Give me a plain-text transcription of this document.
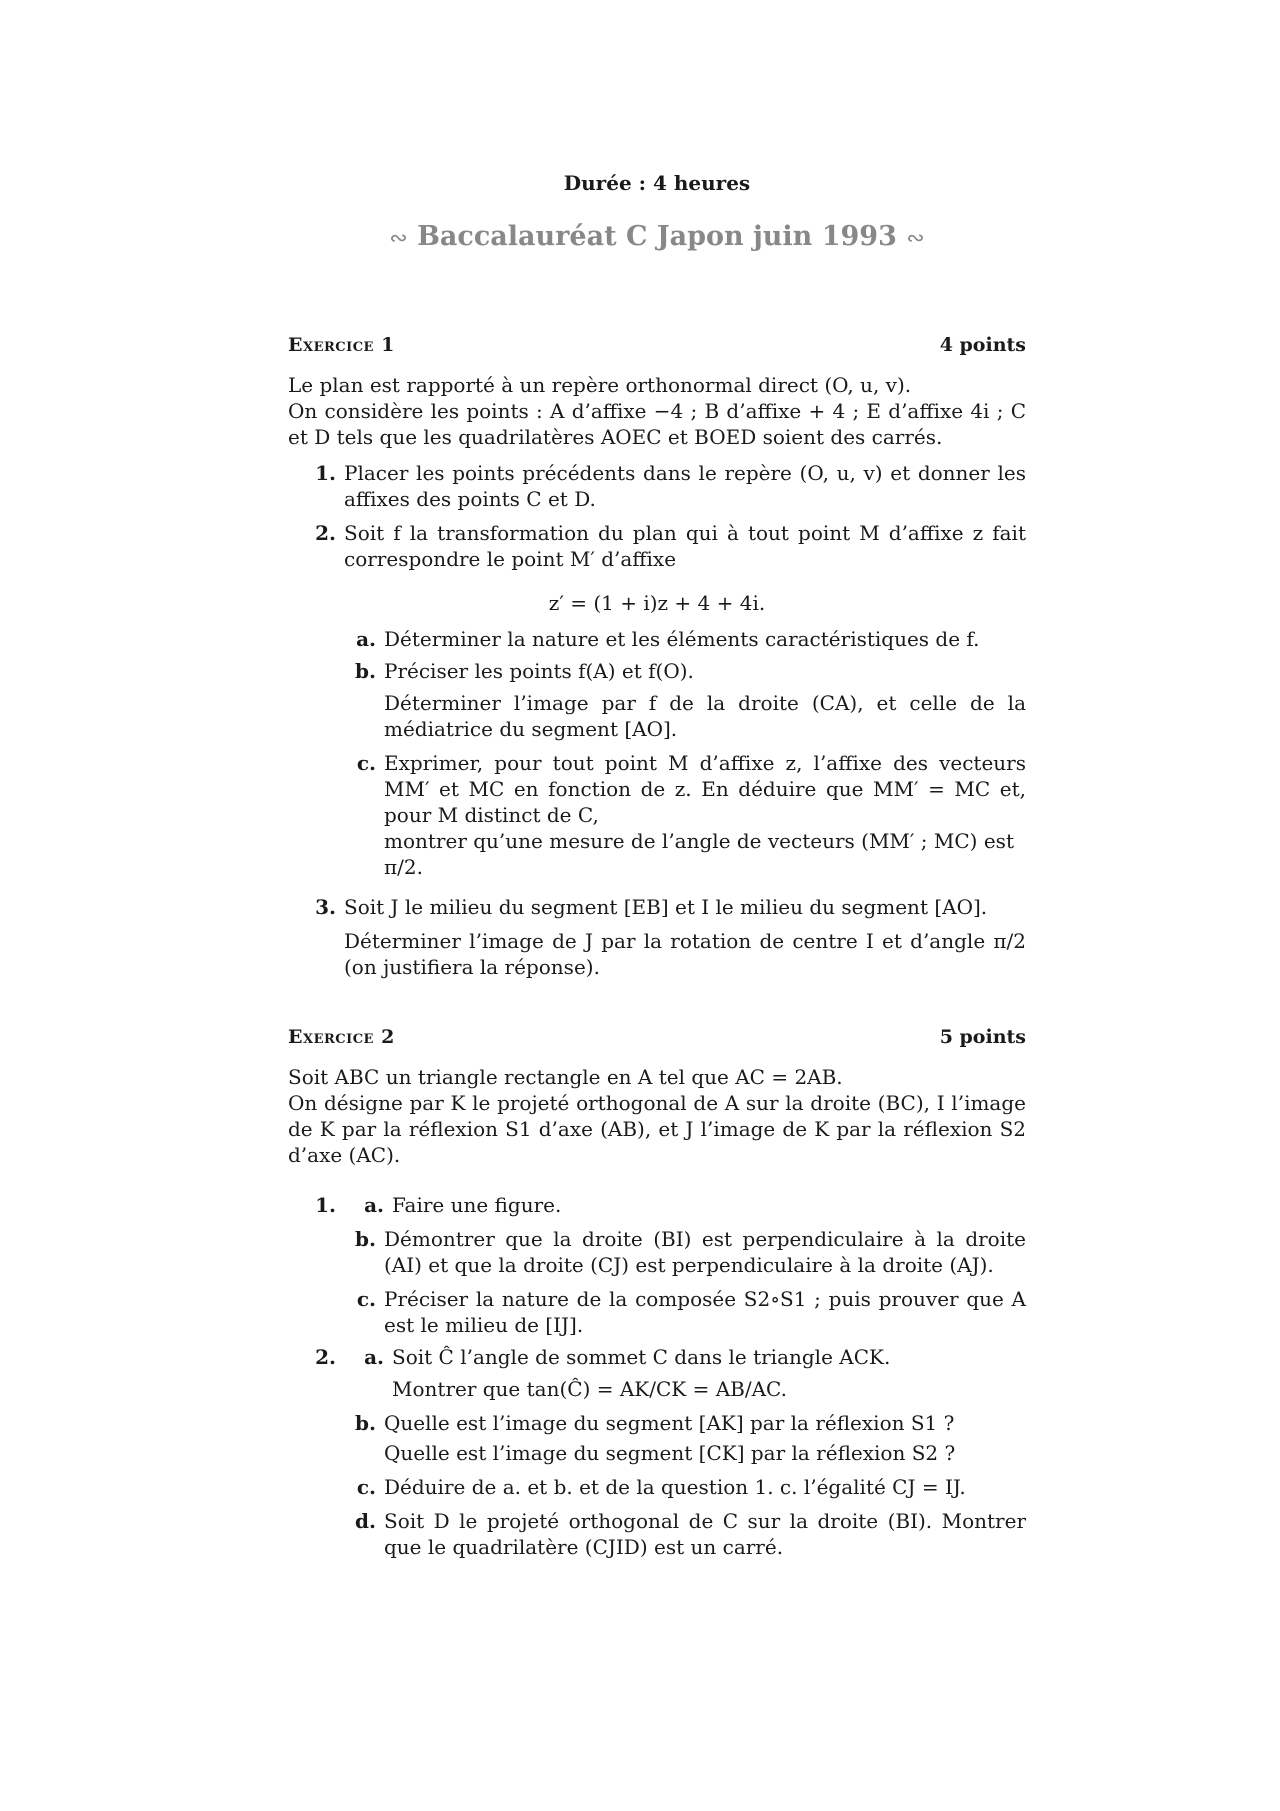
Durée : 4 heures

∾ Baccalauréat C Japon juin 1993 ∾
Exercice 1	4 points

Le plan est rapporté à un repère orthonormal direct (O, u, v).

On considère les points : A d’affixe −4 ; B d’affixe + 4 ; E d’affixe 4i ; C et D tels que les quadrilatères AOEC et BOED soient des carrés.

1. Placer les points précédents dans le repère (O, u, v) et donner les affixes des points C et D.
2. Soit f la transformation du plan qui à tout point M d’affixe z fait correspondre le point M′ d’affixe

z′ = (1 + i)z + 4 + 4i.

a. Déterminer la nature et les éléments caractéristiques de f.
b. Préciser les points f(A) et f(O).

Déterminer l’image par f de la droite (CA), et celle de la médiatrice du segment [AO].

c. Exprimer, pour tout point M d’affixe z, l’affixe des vecteurs MM′ et MC en fonction de z. En déduire que MM′ = MC et, pour M distinct de C,

montrer qu’une mesure de l’angle de vecteurs (MM′ ; MC) est π/2.

3. Soit J le milieu du segment [EB] et I le milieu du segment [AO].

Déterminer l’image de J par la rotation de centre I et d’angle π/2 (on justifiera la réponse).

Exercice 2	5 points

Soit ABC un triangle rectangle en A tel que AC = 2AB.

On désigne par K le projeté orthogonal de A sur la droite (BC), I l’image de K par la réflexion S1 d’axe (AB), et J l’image de K par la réflexion S2 d’axe (AC).

1.	a. Faire une figure.
b. Démontrer que la droite (BI) est perpendiculaire à la droite (AI) et que la droite (CJ) est perpendiculaire à la droite (AJ).
c. Préciser la nature de la composée S2∘S1 ; puis prouver que A est le milieu de [IJ].
2.	a. Soit Ĉ l’angle de sommet C dans le triangle ACK.

Montrer que tan(Ĉ) = AK/CK = AB/AC.

b. Quelle est l’image du segment [AK] par la réflexion S1 ?

Quelle est l’image du segment [CK] par la réflexion S2 ?

c. Déduire de a. et b. et de la question 1. c. l’égalité CJ = IJ.
d. Soit D le projeté orthogonal de C sur la droite (BI). Montrer que le quadrilatère (CJID) est un carré.
